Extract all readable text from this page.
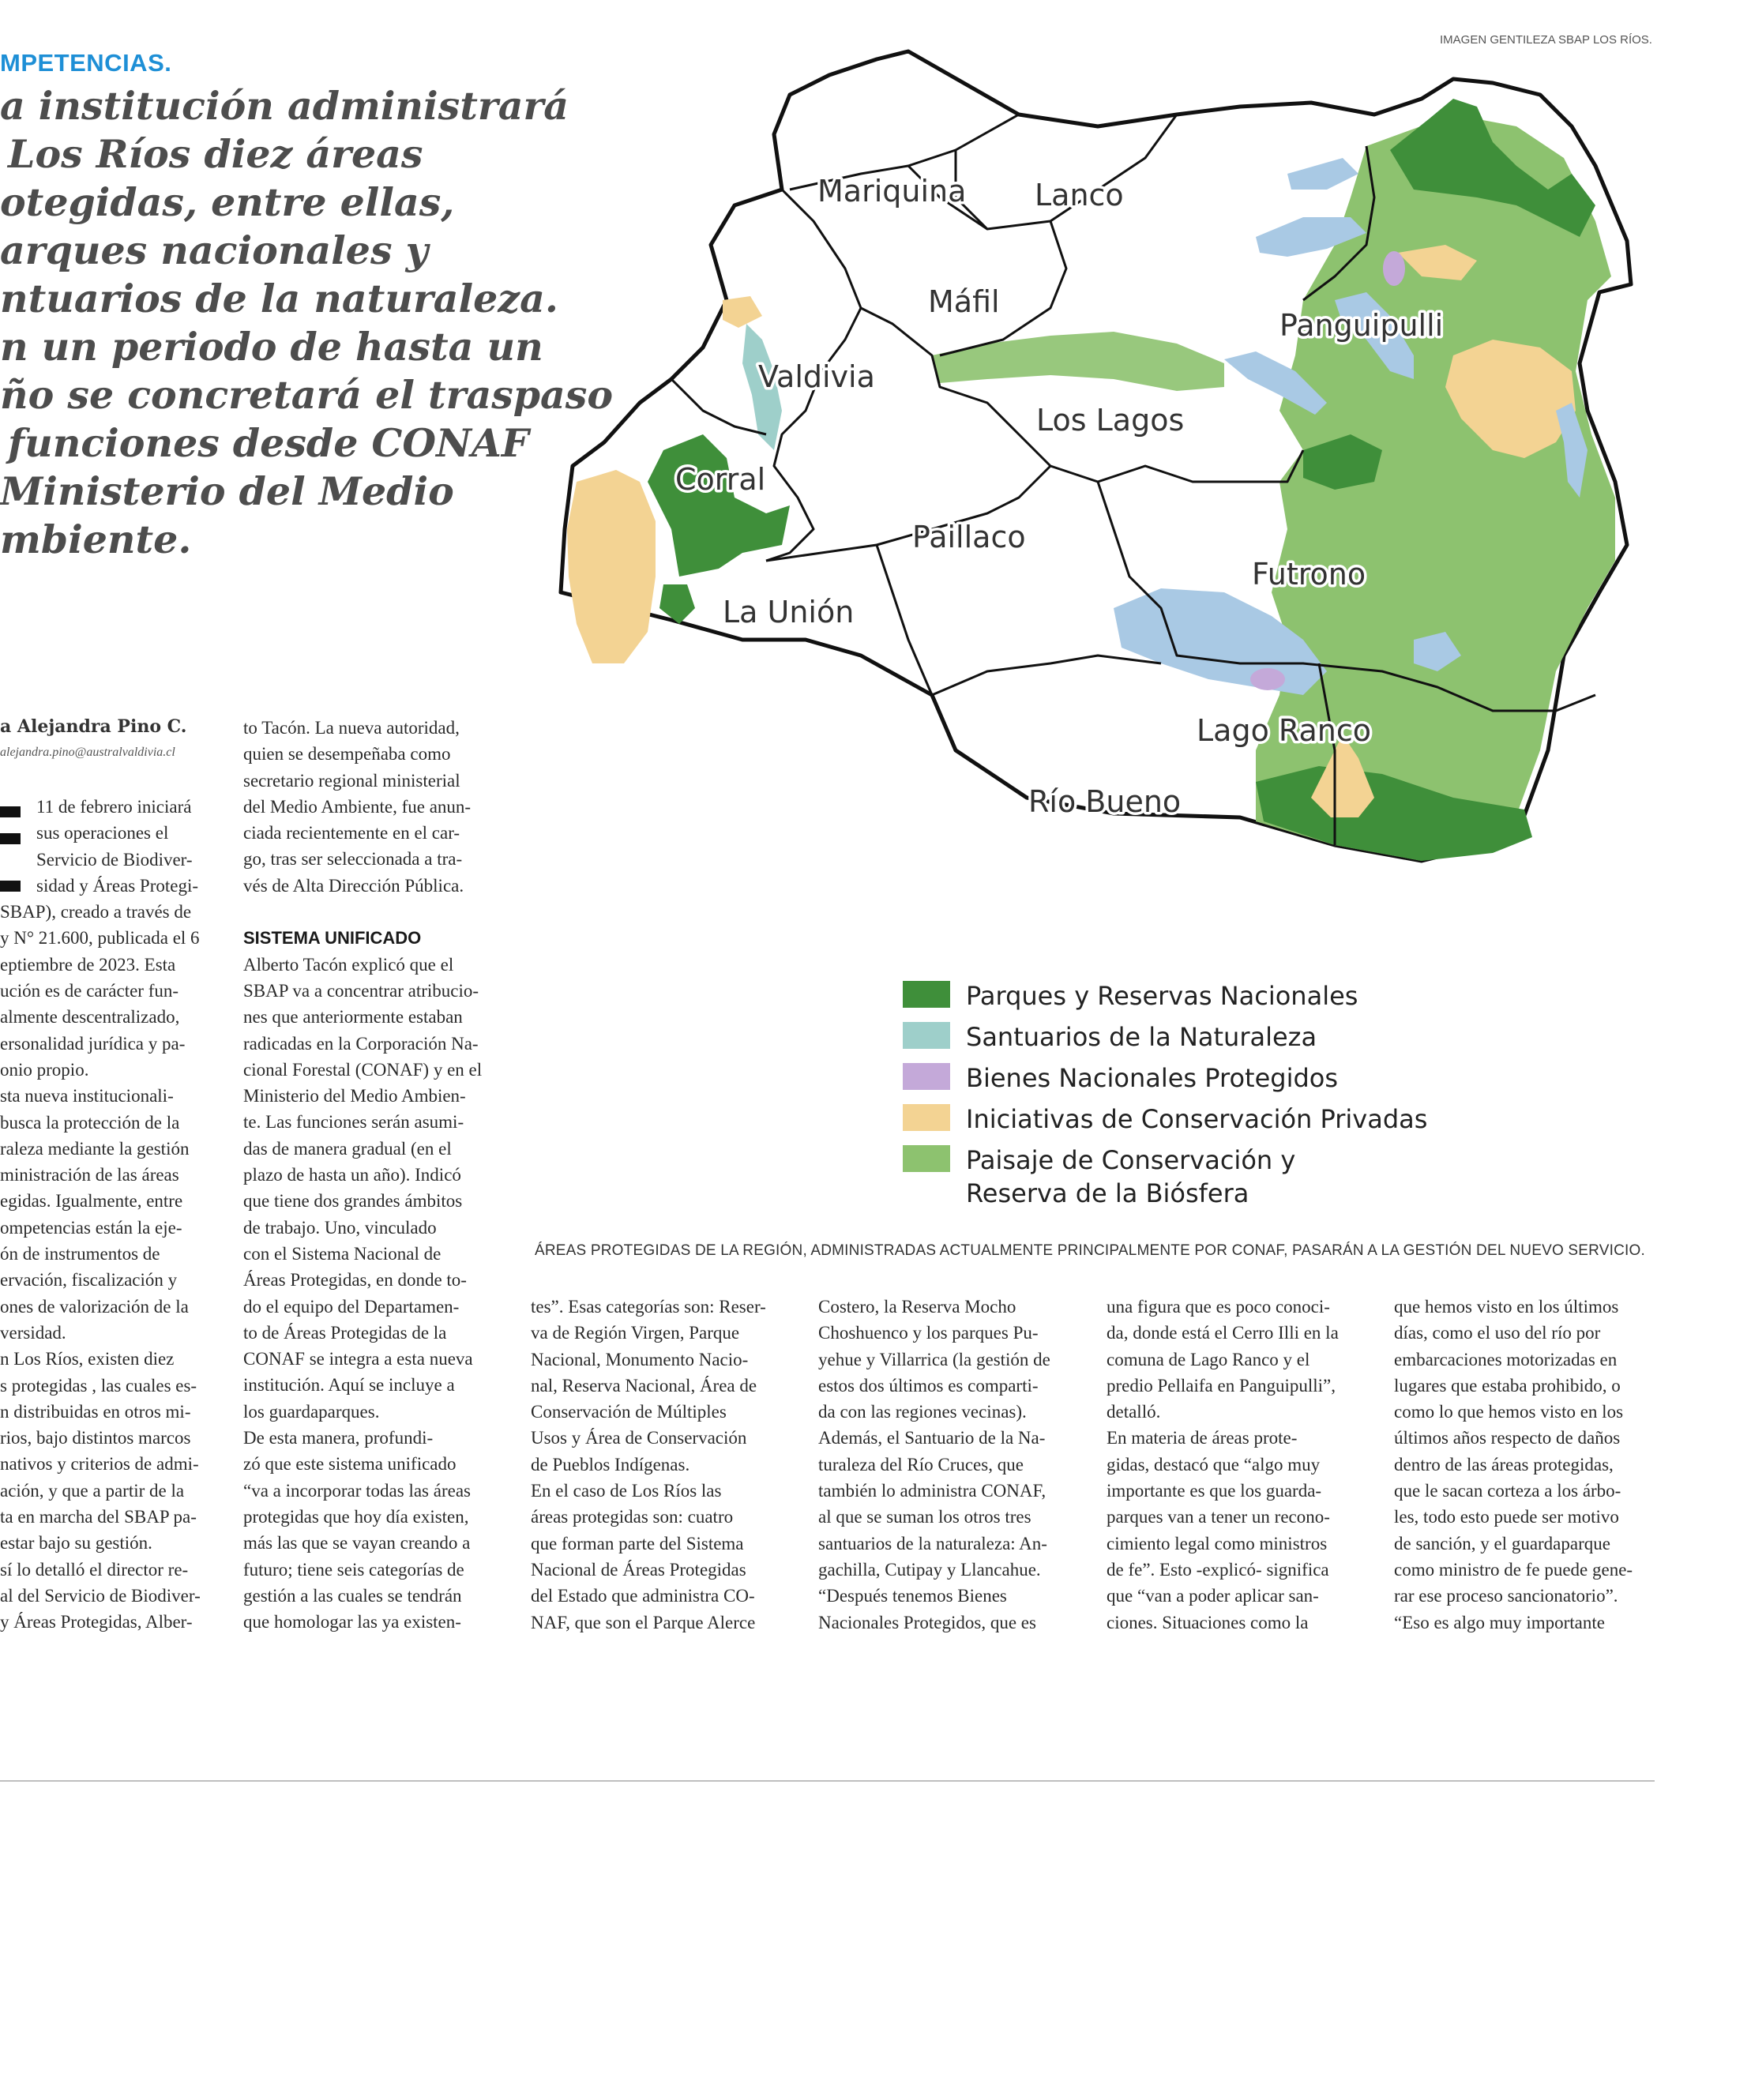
MPETENCIAS.
a institución administrará
Los Ríos diez áreas
otegidas, entre ellas,
arques nacionales y
ntuarios de la naturaleza.
n un periodo de hasta un
ño se concretará el traspaso
funciones desde CONAF
Ministerio del Medio
mbiente.
IMAGEN GENTILEZA SBAP LOS RÍOS.
Mariquina Lanco
Máfil
Panguipulli
Valdivia
Los Lagos
Corral
Paillaco
Futrono
La Unión
Lago Ranco
Río Bueno
Parques y Reservas Nacionales
Santuarios de la Naturaleza
Bienes Nacionales Protegidos
Iniciativas de Conservación Privadas
Paisaje de Conservación y
Reserva de la Biósfera
ÁREAS PROTEGIDAS DE LA REGIÓN, ADMINISTRADAS ACTUALMENTE PRINCIPALMENTE POR CONAF, PASARÁN A LA GESTIÓN DEL NUEVO SERVICIO.
a Alejandra Pino C.
alejandra.pino@australvaldivia.cl
11 de febrero iniciará
sus operaciones el
Servicio de Biodiver-
sidad y Áreas Protegi-
SBAP), creado a través de
y N° 21.600, publicada el 6
eptiembre de 2023. Esta
ución es de carácter fun-
almente descentralizado,
ersonalidad jurídica y pa-
onio propio.
sta nueva institucionali-
busca la protección de la
raleza mediante la gestión
ministración de las áreas
egidas. Igualmente, entre
ompetencias están la eje-
ón de instrumentos de
ervación, fiscalización y
ones de valorización de la
versidad.
n Los Ríos, existen diez
s protegidas , las cuales es-
n distribuidas en otros mi-
rios, bajo distintos marcos
nativos y criterios de admi-
ación, y que a partir de la
ta en marcha del SBAP pa-
estar bajo su gestión.
sí lo detalló el director re-
al del Servicio de Biodiver-
y Áreas Protegidas, Alber-
to Tacón. La nueva autoridad,
quien se desempeñaba como
secretario regional ministerial
del Medio Ambiente, fue anun-
ciada recientemente en el car-
go, tras ser seleccionada a tra-
vés de Alta Dirección Pública.
SISTEMA UNIFICADO
Alberto Tacón explicó que el
SBAP va a concentrar atribucio-
nes que anteriormente estaban
radicadas en la Corporación Na-
cional Forestal (CONAF) y en el
Ministerio del Medio Ambien-
te. Las funciones serán asumi-
das de manera gradual (en el
plazo de hasta un año). Indicó
que tiene dos grandes ámbitos
de trabajo. Uno, vinculado
con el Sistema Nacional de
Áreas Protegidas, en donde to-
do el equipo del Departamen-
to de Áreas Protegidas de la
CONAF se integra a esta nueva
institución. Aquí se incluye a
los guardaparques.
De esta manera, profundi-
zó que este sistema unificado
“va a incorporar todas las áreas
protegidas que hoy día existen,
más las que se vayan creando a
futuro; tiene seis categorías de
gestión a las cuales se tendrán
que homologar las ya existen-
tes”. Esas categorías son: Reser-
va de Región Virgen, Parque
Nacional, Monumento Nacio-
nal, Reserva Nacional, Área de
Conservación de Múltiples
Usos y Área de Conservación
de Pueblos Indígenas.
En el caso de Los Ríos las
áreas protegidas son: cuatro
que forman parte del Sistema
Nacional de Áreas Protegidas
del Estado que administra CO-
NAF, que son el Parque Alerce
Costero, la Reserva Mocho
Choshuenco y los parques Pu-
yehue y Villarrica (la gestión de
estos dos últimos es comparti-
da con las regiones vecinas).
Además, el Santuario de la Na-
turaleza del Río Cruces, que
también lo administra CONAF,
al que se suman los otros tres
santuarios de la naturaleza: An-
gachilla, Cutipay y Llancahue.
“Después tenemos Bienes
Nacionales Protegidos, que es
una figura que es poco conoci-
da, donde está el Cerro Illi en la
comuna de Lago Ranco y el
predio Pellaifa en Panguipulli”,
detalló.
En materia de áreas prote-
gidas, destacó que “algo muy
importante es que los guarda-
parques van a tener un recono-
cimiento legal como ministros
de fe”. Esto -explicó- significa
que “van a poder aplicar san-
ciones. Situaciones como la
que hemos visto en los últimos
días, como el uso del río por
embarcaciones motorizadas en
lugares que estaba prohibido, o
como lo que hemos visto en los
últimos años respecto de daños
dentro de las áreas protegidas,
que le sacan corteza a los árbo-
les, todo esto puede ser motivo
de sanción, y el guardaparque
como ministro de fe puede gene-
rar ese proceso sancionatorio”.
“Eso es algo muy importante
